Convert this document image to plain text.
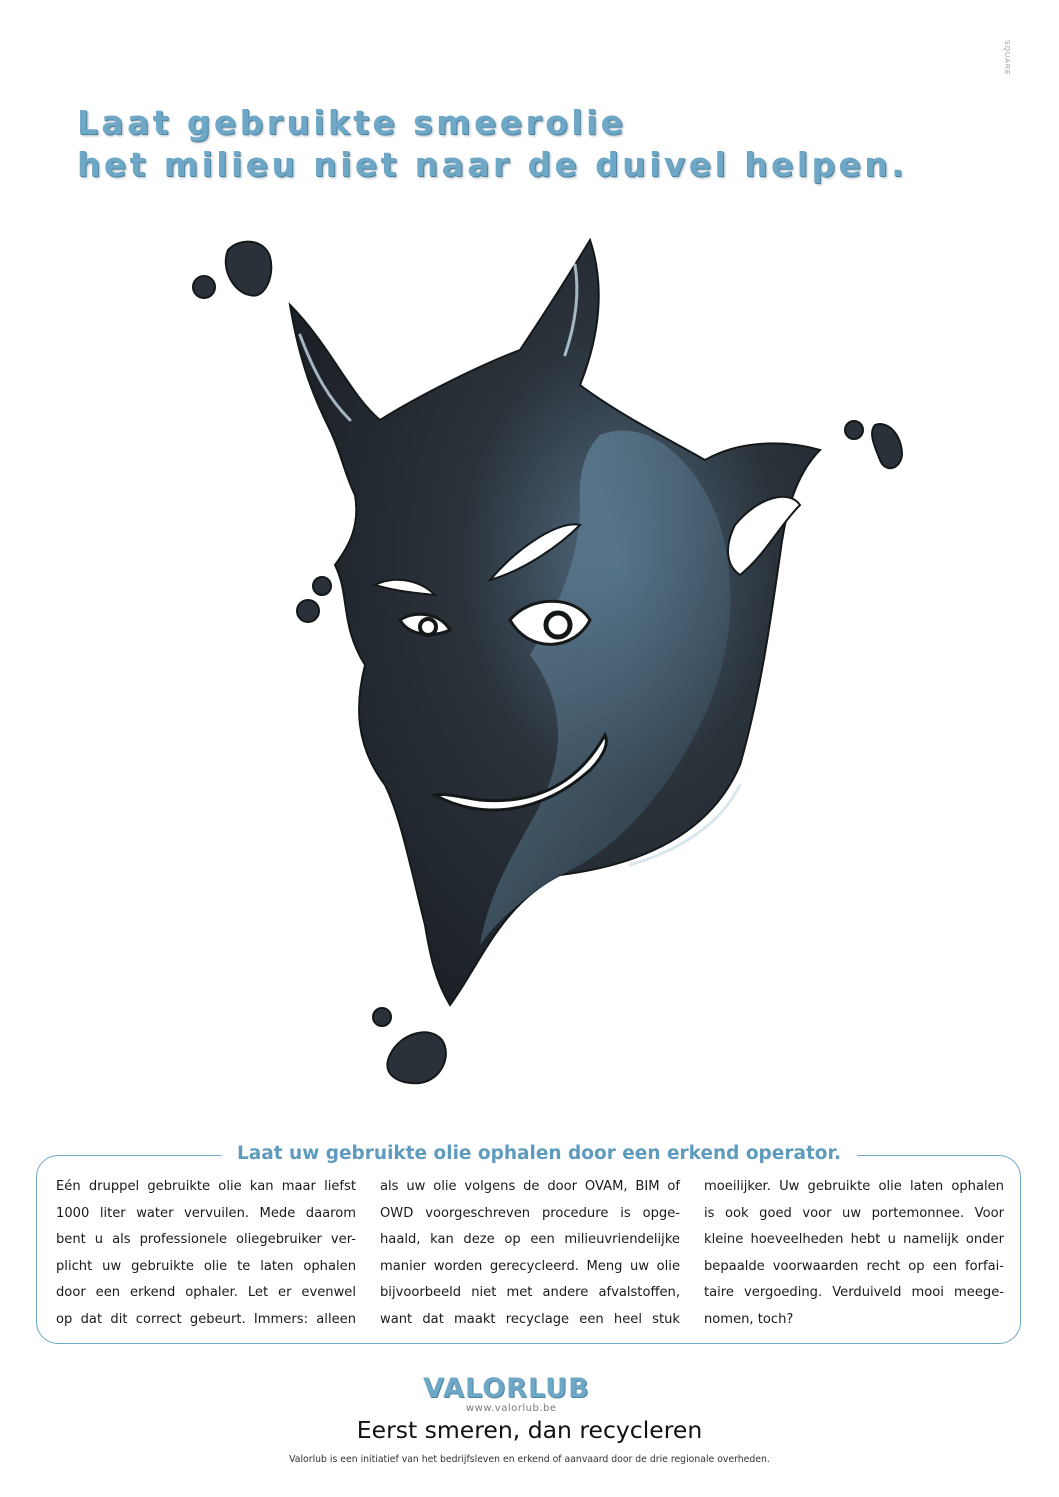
SQUARE
Laat gebruikte smeerolie
het milieu niet naar de duivel helpen.
Laat uw gebruikte olie ophalen door een erkend operator.

Eén druppel gebruikte olie kan maar liefst
1000 liter water vervuilen. Mede daarom
bent u als professionele oliegebruiker ver-
plicht uw gebruikte olie te laten ophalen
door een erkend ophaler. Let er evenwel
op dat dit correct gebeurt. Immers: alleen

als uw olie volgens de door OVAM, BIM of
OWD voorgeschreven procedure is opge-
haald, kan deze op een milieuvriendelijke
manier worden gerecycleerd. Meng uw olie
bijvoorbeeld niet met andere afvalstoffen,
want dat maakt recyclage een heel stuk

moeilijker. Uw gebruikte olie laten ophalen
is ook goed voor uw portemonnee. Voor
kleine hoeveelheden hebt u namelijk onder
bepaalde voorwaarden recht op een forfai-
taire vergoeding. Verduiveld mooi meege-
nomen, toch?

VALORLUB
www.valorlub.be

Eerst smeren, dan recycleren

Valorlub is een initiatief van het bedrijfsleven en erkend of aanvaard door de drie regionale overheden.
